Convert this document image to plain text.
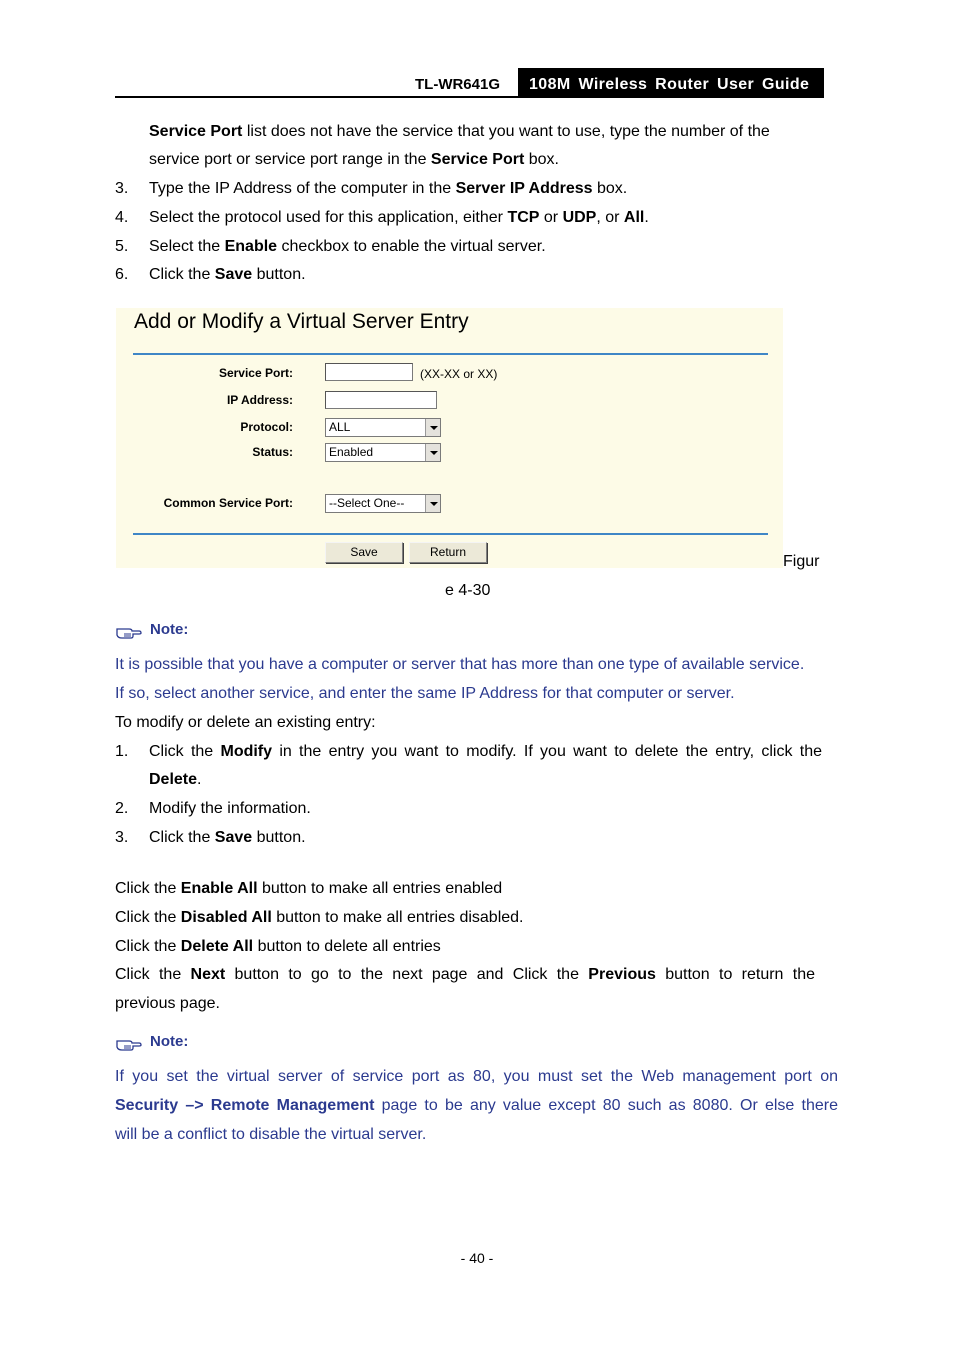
TL-WR641G	108M Wireless Router User Guide
Service Port list does not have the service that you want to use, type the number of the
service port or service port range in the Service Port box.
3. Type the IP Address of the computer in the Server IP Address box.
4. Select the protocol used for this application, either TCP or UDP, or All.
5. Select the Enable checkbox to enable the virtual server.
6. Click the Save button.
Add or Modify a Virtual Server Entry
Service Port:	(XX-XX or XX)
IP Address:
Protocol:	ALL
Status:	Enabled
Common Service Port:	--Select One--
Save	Return
Figur
e 4-30
Note:
It is possible that you have a computer or server that has more than one type of available service.
If so, select another service, and enter the same IP Address for that computer or server.
To modify or delete an existing entry:
1. Click the Modify in the entry you want to modify. If you want to delete the entry, click the
Delete.
2. Modify the information.
3. Click the Save button.
Click the Enable All button to make all entries enabled
Click the Disabled All button to make all entries disabled.
Click the Delete All button to delete all entries
Click the Next button to go to the next page and Click the Previous button to return the
previous page.
Note:
If you set the virtual server of service port as 80, you must set the Web management port on
Security –> Remote Management page to be any value except 80 such as 8080. Or else there
will be a conflict to disable the virtual server.
- 40 -
